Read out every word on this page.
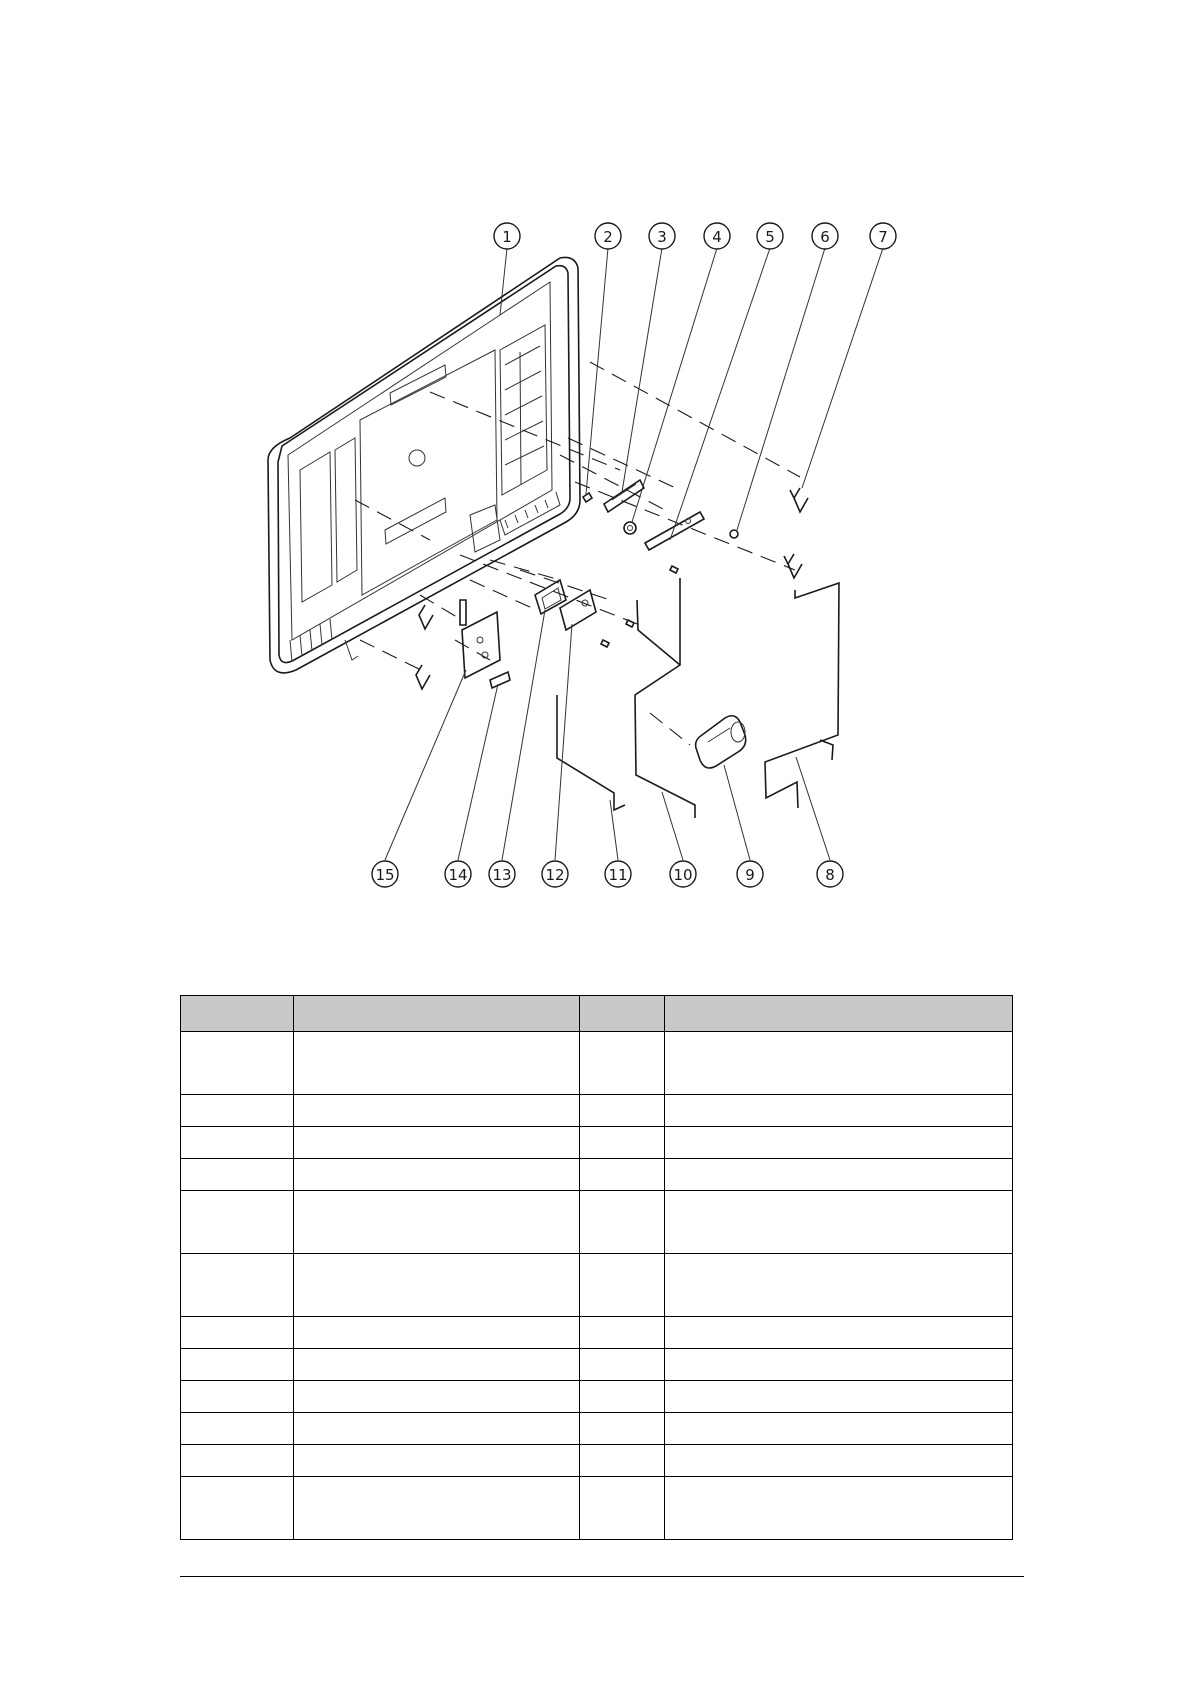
1	2	3	4	5	6	7
8
9
10
11
12
13
14
15
